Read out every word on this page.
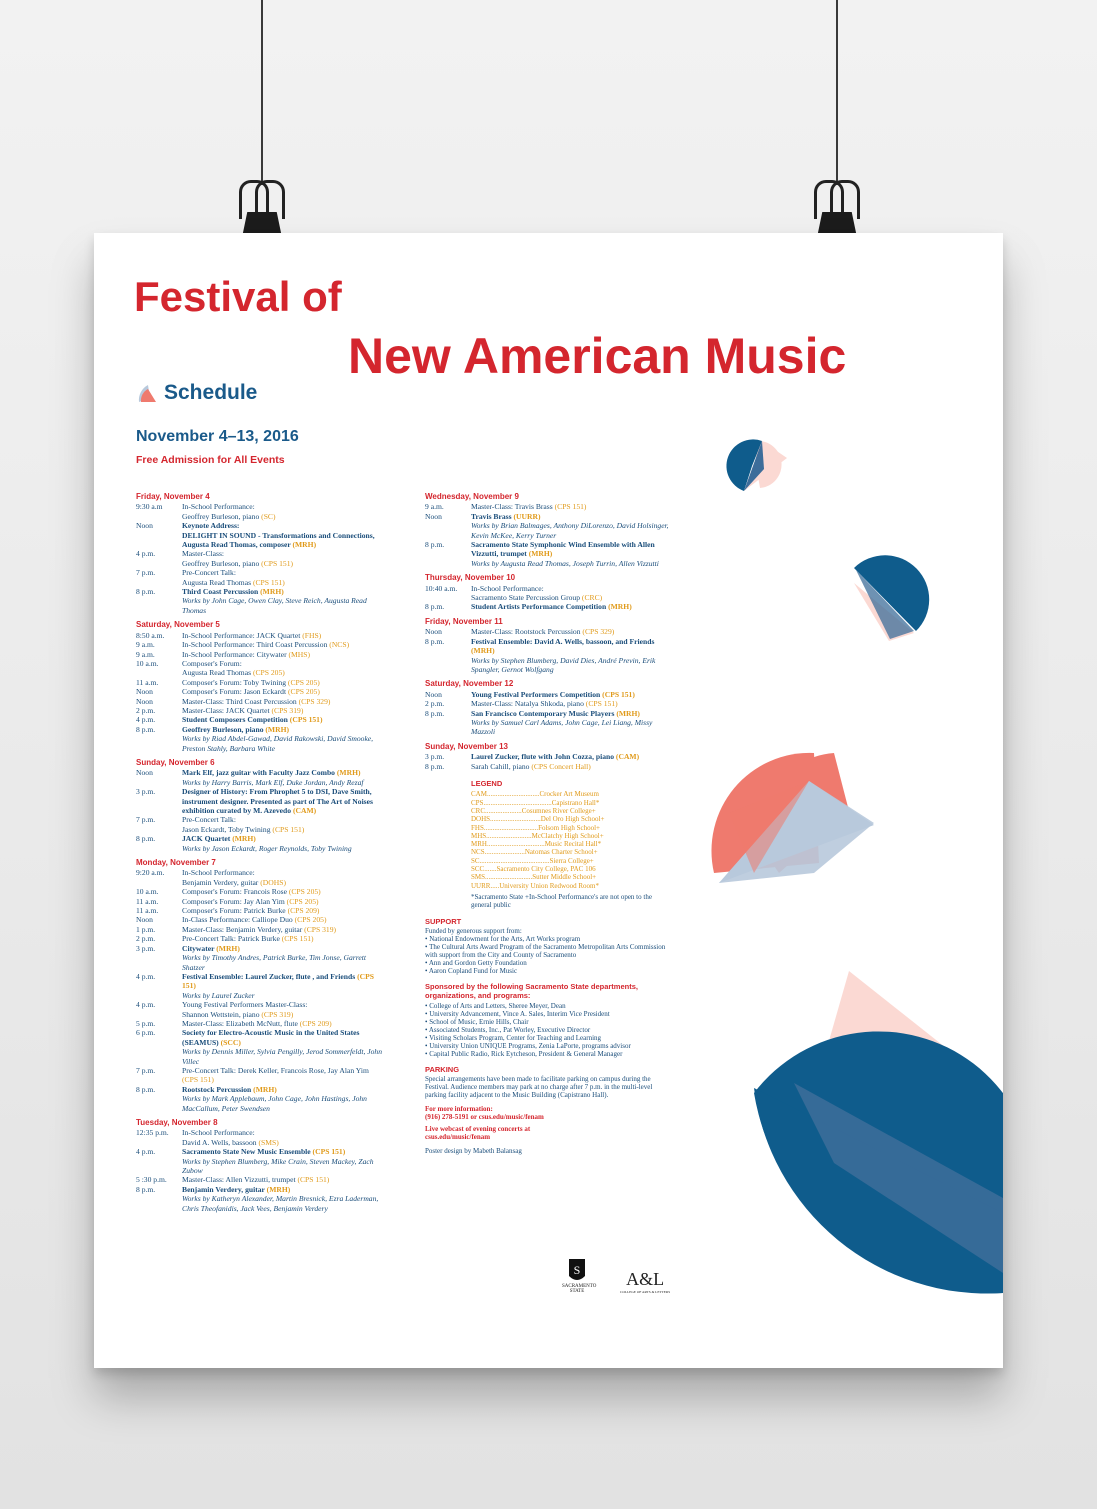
Festival of
New American Music
Schedule
November 4–13, 2016
Free Admission for All Events
Friday, November 4
9:30 a.m	In-School Performance:
Geoffrey Burleson, piano (SC)
Noon	Keynote Address:
DELIGHT IN SOUND - Transformations and Connections, Augusta Read Thomas, composer (MRH)
4 p.m.	Master-Class:
Geoffrey Burleson, piano (CPS 151)
7 p.m.	Pre-Concert Talk:
Augusta Read Thomas (CPS 151)
8 p.m.	Third Coast Percussion (MRH)
Works by John Cage, Owen Clay, Steve Reich, Augusta Read Thomas
Saturday, November 5
8:50 a.m.	In-School Performance: JACK Quartet (FHS)
9 a.m.	In-School Performance: Third Coast Percussion (NCS)
9 a.m.	In-School Performance: Citywater (MHS)
10 a.m.	Composer's Forum:
Augusta Read Thomas (CPS 205)
11 a.m.	Composer's Forum: Toby Twining (CPS 205)
Noon	Composer's Forum: Jason Eckardt (CPS 205)
Noon	Master-Class: Third Coast Percussion (CPS 329)
2 p.m.	Master-Class: JACK Quartet (CPS 319)
4 p.m.	Student Composers Competition (CPS 151)
8 p.m.	Geoffrey Burleson, piano (MRH)
Works by Riad Abdel-Gawad, David Rakowski, David Smooke, Preston Stahly, Barbara White
Sunday, November 6
Noon	Mark Elf, jazz guitar with Faculty Jazz Combo (MRH)
Works by Harry Barris, Mark Elf, Duke Jordan, Andy Rezaf
3 p.m.	Designer of History: From Phrophet 5 to DSI, Dave Smith, instrument designer. Presented as part of The Art of Noises exhibition curated by M. Azevedo (CAM)
7 p.m.	Pre-Concert Talk:
Jason Eckardt, Toby Twining (CPS 151)
8 p.m.	JACK Quartet (MRH)
Works by Jason Eckardt, Roger Reynolds, Toby Twining
Monday, November 7
9:20 a.m.	In-School Performance:
Benjamin Verdery, guitar (DOHS)
10 a.m.	Composer's Forum: Francois Rose (CPS 205)
11 a.m.	Composer's Forum: Jay Alan Yim (CPS 205)
11 a.m.	Composer's Forum: Patrick Burke (CPS 209)
Noon	In-Class Performance: Calliope Duo (CPS 205)
1 p.m.	Master-Class: Benjamin Verdery, guitar (CPS 319)
2 p.m.	Pre-Concert Talk: Patrick Burke (CPS 151)
3 p.m.	Citywater (MRH)
Works by Timothy Andres, Patrick Burke, Tim Jonse, Garrett Shatzer
4 p.m.	Festival Ensemble: Laurel Zucker, flute , and Friends (CPS 151)
Works by Laurel Zucker
4 p.m.	Young Festival Performers Master-Class:
Shannon Wettstein, piano (CPS 319)
5 p.m.	Master-Class: Elizabeth McNutt, flute (CPS 209)
6 p.m.	Society for Electro-Acoustic Music in the United States (SEAMUS) (SCC)
Works by Dennis Miller, Sylvia Pengilly, Jerod Sommerfeldt, John Villec
7 p.m.	Pre-Concert Talk: Derek Keller, Francois Rose, Jay Alan Yim (CPS 151)
8 p.m.	Rootstock Percussion (MRH)
Works by Mark Applebaum, John Cage, John Hastings, John MacCallum, Peter Swendsen
Tuesday, November 8
12:35 p.m.	In-School Performance:
David A. Wells, bassoon (SMS)
4 p.m.	Sacramento State New Music Ensemble (CPS 151)
Works by Stephen Blumberg, Mike Crain, Steven Mackey, Zach Zubow
5 :30 p.m.	Master-Class: Allen Vizzutti, trumpet (CPS 151)
8 p.m.	Benjamin Verdery, guitar (MRH)
Works by Katheryn Alexander, Martin Bresnick, Ezra Laderman, Chris Theofanidis, Jack Vees, Benjamin Verdery
Wednesday, November 9
9 a.m.	Master-Class: Travis Brass (CPS 151)
Noon	Travis Brass (UURR)
Works by Brian Balmages, Anthony DiLorenzo, David Holsinger, Kevin McKee, Kerry Turner
8 p.m.	Sacramento State Symphonic Wind Ensemble with Allen Vizzutti, trumpet (MRH)
Works by Augusta Read Thomas, Joseph Turrin, Allen Vizzutti
Thursday, November 10
10:40 a.m.	In-School Performance:
Sacramento State Percussion Group (CRC)
8 p.m.	Student Artists Performance Competition (MRH)
Friday, November 11
Noon	Master-Class: Rootstock Percussion (CPS 329)
8 p.m.	Festival Ensemble: David A. Wells, bassoon, and Friends (MRH)
Works by Stephen Blumberg, David Dies, André Previn, Erik Spangler, Gernot Wolfgang
Saturday, November 12
Noon	Young Festival Performers Competition (CPS 151)
2 p.m.	Master-Class: Natalya Shkoda, piano (CPS 151)
8 p.m.	San Francisco Contemporary Music Players (MRH)
Works by Samuel Carl Adams, John Cage, Lei Liang, Missy Mazzoli
Sunday, November 13
3 p.m.	Laurel Zucker, flute with John Cozza, piano (CAM)
8 p.m.	Sarah Cahill, piano (CPS Concert Hall)
LEGEND
CAM..............................Crocker Art Museum
CPS.......................................Capistrano Hall*
CRC.....................Cosumnes River College+
DOHS.............................Del Oro High School+
FHS...............................Folsom High School+
MHS..........................McClatchy High School+
MRH.................................Music Recital Hall*
NCS.......................Natomas Charter School+
SC........................................Sierra College+
SCC.......Sacramento City College, PAC 106
SMS...........................Sutter Middle School+
UURR.....University Union Redwood Room*
*Sacramento State +In-School Performance's are not open to the general public
SUPPORT
Funded by generous support from:
• National Endowment for the Arts, Art Works program
• The Cultural Arts Award Program of the Sacramento Metropolitan Arts Commission with support from the City and County of Sacramento
• Ann and Gordon Getty Foundation
• Aaron Copland Fund for Music
Sponsored by the following Sacramento State departments, organizations, and programs:
• College of Arts and Letters, Sheree Meyer, Dean
• University Advancement, Vince A. Sales, Interim Vice President
• School of Music, Ernie Hills, Chair
• Associated Students, Inc., Pat Worley, Executive Director
• Visiting Scholars Program, Center for Teaching and Learning
• University Union UNIQUE Programs, Zenia LaPorte, programs advisor
• Capital Public Radio, Rick Eytcheson, President & General Manager
PARKING
Special arrangements have been made to facilitate parking on campus during the Festival. Audience members may park at no charge after 7 p.m. in the multi-level parking facility adjacent to the Music Building (Capistrano Hall).
For more information:
(916) 278-5191 or csus.edu/music/fenam
Live webcast of evening concerts at
csus.edu/music/fenam
Poster design by Mabeth Balansag
S
SACRAMENTO STATE
A&L
COLLEGE OF ARTS & LETTERS
